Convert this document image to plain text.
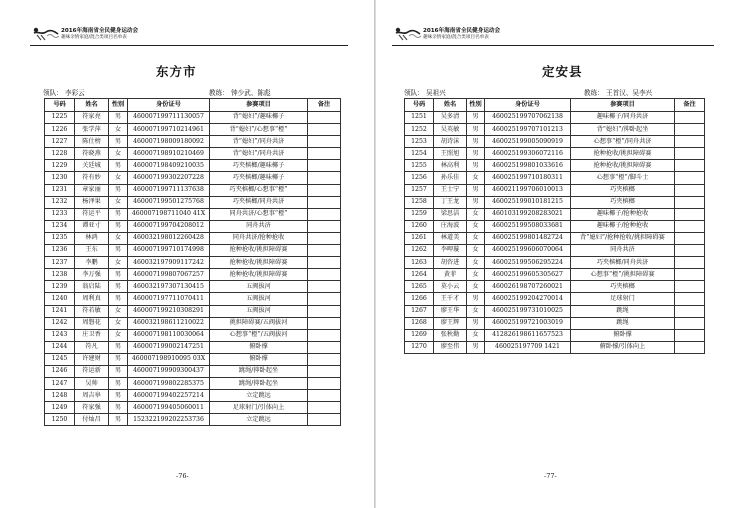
2016年海南省全民健身运动会
趣味亲情家庭/混合类项目名单表
东方市
领队： 李彩云	教练： 钟少武、陈彪
号码	姓名	性别	身份证号	参赛项目	备注
1225	符家亮	男	460007199711130057	背“媳妇”/趣味椰子	
1226	张学萍	女	460007199710214961	背“媳妇”/心想事“橙”	
1227	陈仕榜	男	460007198009180092	背“媳妇”/同舟共济	
1228	符晓燕	女	460007198910210469	背“媳妇”/同舟共济	
1229	关廷城	男	460007198409210035	巧夹槟榔/趣味椰子	
1230	符有妙	女	460007199302207228	巧夹槟榔/趣味椰子	
1231	章家丽	男	460007199711137638	巧夹槟榔/心想事“橙”	
1232	杨泽果	女	460007199501275768	巧夹槟榔/同舟共济	
1233	符运平	男	460007198711040 41X	同舟共济/心想事“橙”	
1234	谭亚寸	男	460007199704208012	同舟共济	
1235	林鸿	女	460032198012260428	同舟共济/抢种抢收	
1236	王东	男	460007199710174998	抢种抢收/挑担障碍赛	
1237	李鹏	女	460032197909117242	抢种抢收/挑担障碍赛	
1238	李万强	男	460007199807067257	抢种抢收/挑担障碍赛	
1239	翁启陆	男	460032197307130415	五阀拔河	
1240	周利真	男	460007197711070411	五阀拔河	
1241	符若敏	女	460007199210308291	五阀拔河	
1242	周磐花	女	460032198611210022	挑担障碍赛/五阀拔河	
1243	庄卫香	女	460007198110030064	心想事“橙”/五阀拔河	
1244	符凡	男	460007199002147251	俯卧撑	
1245	许建财	男	460007198910095 03X	俯卧撑	
1246	符运新	男	460007199909300437	跳绳/抑卧起坐	
1247	吴帅	男	460007199802285375	跳绳/抑卧起坐	
1248	周吉皋	男	460007199402257214	立定跳远	
1249	符家强	男	460007199405060011	足球射门/引体向上	
1250	付灿昌	男	152322199202253736	立定跳远	
-76-
2016年海南省全民健身运动会
趣味亲情家庭/混合类项目名单表
定安县
领队： 吴祖兴	教练： 王首汉、吴李兴
号码	姓名	性别	身份证号	参赛项目	备注
1251	吴多清	男	460025199707062138	趣味椰子/同舟共济	
1252	吴英敏	男	460025199707101213	背“媳妇”/抑卧起坐	
1253	胡诗沫	男	460025199005090919	心想事“橙”/同舟共济	
1254	王照旭	男	460025199306072116	抢种抢收/挑担障碍赛	
1255	林高利	男	460025199801033616	抢种抢收/挑担障碍赛	
1256	孙乐佳	女	460025199710180311	心想事“橙”/脚斗士	
1257	王士宁	男	460021199706010013	巧夹槟榔	
1258	丁王龙	男	460025199010181215	巧夹槟榔	
1259	梁思洁	女	460103199208283021	趣味椰子/抢种抢收	
1260	庄海波	女	460025199508033681	趣味椰子/抢种抢收	
1261	林道美	女	460025199801482724	背“媳妇”/抢种抢收/挑担障碍赛	
1262	李呷璇	女	460025199606070064	同舟共济	
1263	胡咨进	女	460025199506295224	巧夹槟榔/同舟共济	
1264	黄菲	女	460025199605305627	心想事“橙”/挑担障碍赛	
1265	莫小云	女	460026198707260021	巧夹槟榔	
1266	王千才	男	460025199204270014	足球射门	
1267	廖王华	女	460025199731010025	跳绳	
1268	廖王辉	男	460025199721003019	跳绳	
1269	张秋勤	女	412826198611657523	俯卧撑	
1270	廖至伟	男	460025197709 1421	俯卧撑/引体向上	
-77-
